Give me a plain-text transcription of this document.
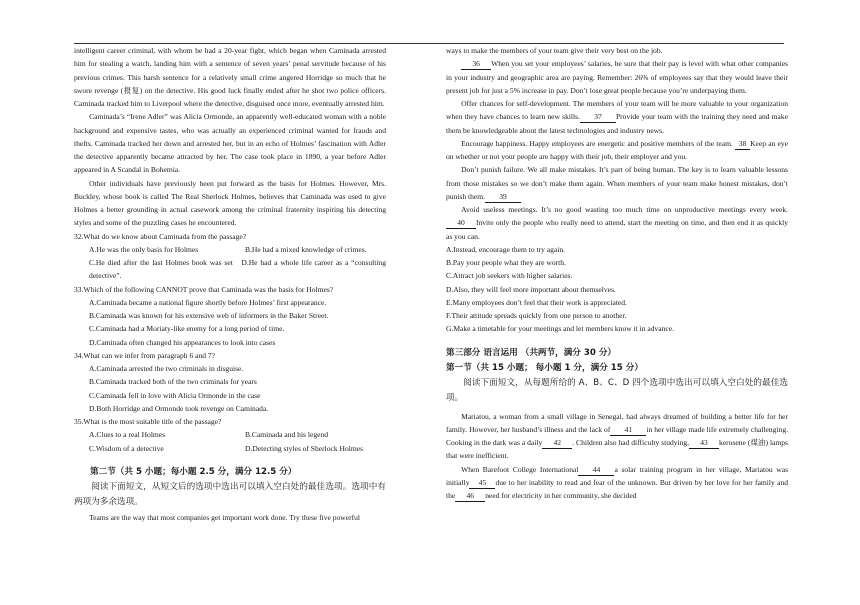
intelligent career criminal, with whom he had a 20-year fight, which began when Caminada arrested him for stealing a watch, landing him with a sentence of seven years’ penal servitude because of his previous crimes. This harsh sentence for a relatively small crime angered Horridge so much that he swore revenge (报复) on the detective. His good luck finally ended after he shot two police officers. Caminada tracked him to Liverpool where the detective, disguised once more, eventually arrested him.

Caminada’s “Irene Adler” was Alicia Ormonde, an apparently well-educated woman with a noble background and expensive tastes, who was actually an experienced criminal wanted for frauds and thefts. Caminada tracked her down and arrested her, but in an echo of Holmes’ fascination with Adler the detective apparently became attracted by her. The case took place in 1890, a year before Adler appeared in A Scandal in Bohemia.

Other individuals have previously been put forward as the basis for Holmes. However, Mrs. Buckley, whose book is called The Real Sherlock Holmes, believes that Caminada was used to give Holmes a better grounding in actual casework among the criminal fraternity inspiring his detecting styles and some of the puzzling cases he encountered.

32.What do we know about Caminada from the passage?

A.He was the only basis for Holmes	B.He had a mixed knowledge of crimes.

C.He died after the last Holmes book was set D.He had a whole life career as a “consulting detective”.

33.Which of the following CANNOT prove that Caminada was the basis for Holmes?

A.Caminada became a national figure shortly before Holmes’ first appearance.

B.Caminada was known for his extensive web of informers in the Baker Street.

C.Caminada had a Moriaty-like enemy for a long period of time.

D.Caminada often changed his appearances to look into cases

34.What can we infer from paragraph 6 and 7?

A.Caminada arrested the two criminals in disguise.

B.Caminada tracked both of the two criminals for years

C.Caminada fell in love with Alicia Ormonde in the case

D.Both Horridge and Ormonde took revenge on Caminada.

35.What is the most suitable title of the passage?

A.Clues to a real Holmes	B.Caminada and his legend
C.Wisdom of a detective	D.Detecting styles of Sherlock Holmes

第二节（共 5 小题；每小题 2.5 分，满分 12.5 分）

阅读下面短文，从短文后的选项中选出可以填入空白处的最佳选项。选项中有两项为多余选项。

Teams are the way that most companies get important work done. Try these five powerful

ways to make the members of your team give their very best on the job.

36 When you set your employees’ salaries, be sure that their pay is level with what other companies in your industry and geographic area are paying. Remember: 26% of employees say that they would leave their present job for just a 5% increase in pay. Don’t lose great people because you’re underpaying them.

Offer chances for self-development. The members of your team will be more valuable to your organization when they have chances to learn new skills. 37 Provide your team with the training they need and make them be knowledgeable about the latest technologies and industry news.

Encourage happiness. Happy employees are energetic and positive members of the team. 38 Keep an eye on whether or not your people are happy with their job, their employer and you.

Don’t punish failure. We all make mistakes. It’s part of being human. The key is to learn valuable lessons from those mistakes so we don’t make them again. When members of your team make honest mistakes, don’t punish them. 39

Avoid useless meetings. It’s no good wasting too much time on unproductive meetings every week.40 Invite only the people who really need to attend, start the meeting on time, and then end it as quickly as you can.

A.Instead, encourage them to try again.

B.Pay your people what they are worth.

C.Attract job seekers with higher salaries.

D.Also, they will feel more important about themselves.

E.Many employees don’t feel that their work is appreciated.

F.Their attitude spreads quickly from one person to another.

G.Make a timetable for your meetings and let members know it in advance.

第三部分 语言运用 （共两节，满分 30 分）

第一节（共 15 小题； 每小题 1 分，满分 15 分）

阅读下面短文，从每题所给的 A、B、C、D 四个选项中选出可以填入空白处的最佳选项。

Mariatou, a woman from a small village in Senegal, had always dreamed of building a better life for her family. However, her husband’s illness and the lack of 41 in her village made life extremely challenging. Cooking in the dark was a daily 42 . Children also had difficulty studying, 43 kerosene (煤油) lamps that were inefficient.

When Barefoot College International 44 a solar training program in her village, Mariatou was initially 45 due to her inability to read and fear of the unknown. But driven by her love for her family and the 46 need for electricity in her community, she decided
